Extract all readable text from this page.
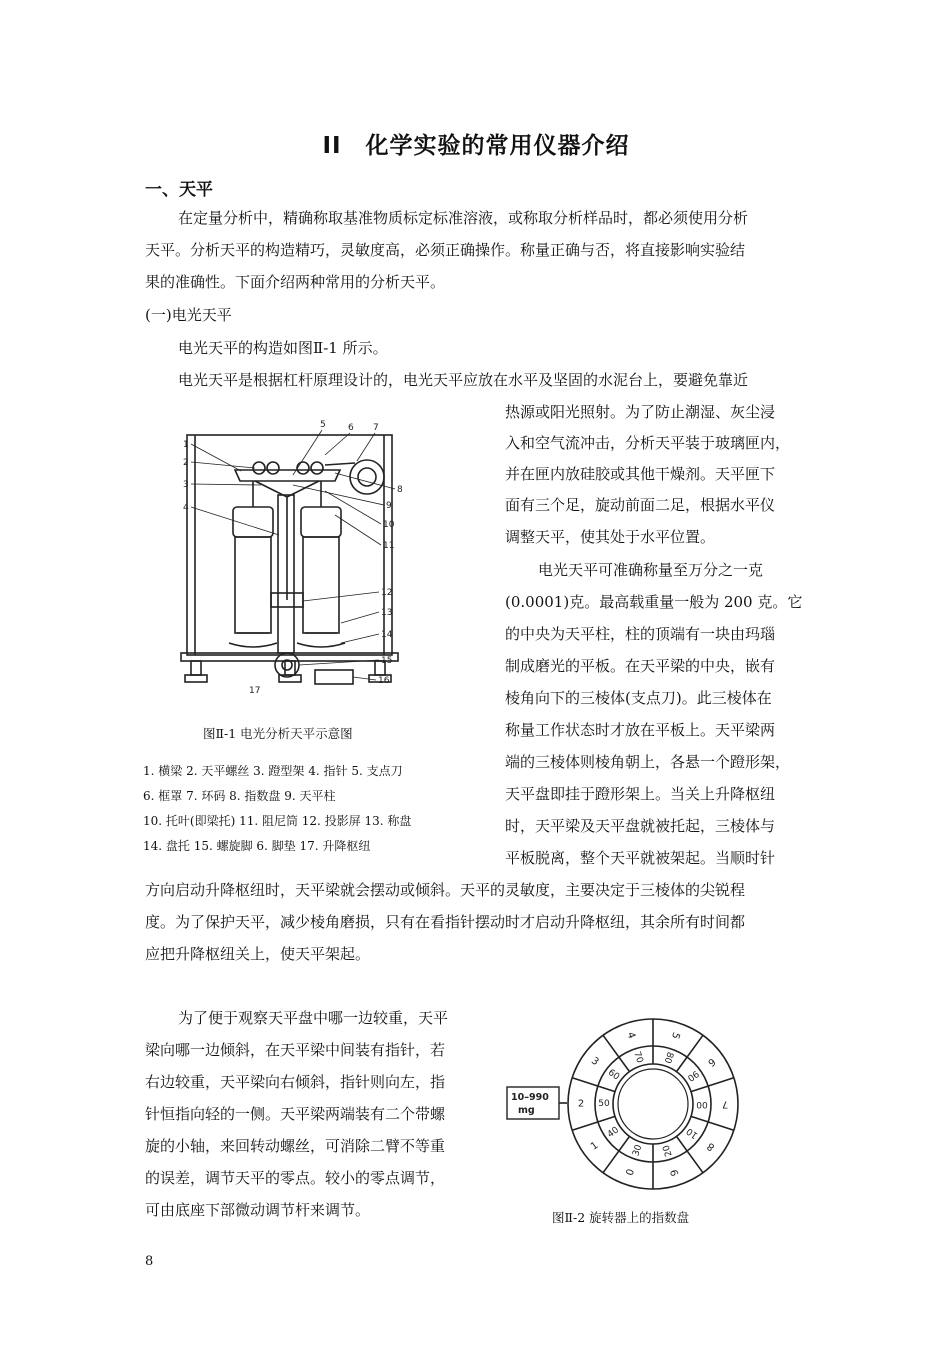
II　化学实验的常用仪器介绍
一、天平
在定量分析中，精确称取基准物质标定标准溶液，或称取分析样品时，都必须使用分析
天平。分析天平的构造精巧，灵敏度高，必须正确操作。称量正确与否，将直接影响实验结
果的准确性。下面介绍两种常用的分析天平。
(一)电光天平
电光天平的构造如图Ⅱ-1 所示。
电光天平是根据杠杆原理设计的，电光天平应放在水平及坚固的水泥台上，要避免靠近
热源或阳光照射。为了防止潮湿、灰尘浸
入和空气流冲击，分析天平装于玻璃匣内，
并在匣内放硅胶或其他干燥剂。天平匣下
面有三个足，旋动前面二足，根据水平仪
调整天平，使其处于水平位置。
电光天平可准确称量至万分之一克
(0.0001)克。最高载重量一般为 200 克。它
的中央为天平柱，柱的顶端有一块由玛瑙
制成磨光的平板。在天平梁的中央，嵌有
棱角向下的三棱体(支点刀)。此三棱体在
称量工作状态时才放在平板上。天平梁两
端的三棱体则棱角朝上，各悬一个蹬形架，
天平盘即挂于蹬形架上。当关上升降枢纽
时，天平梁及天平盘就被托起，三棱体与
平板脱离，整个天平就被架起。当顺时针
1
2
3
4
5 6 7
8
9
10
11
12
13
14
15
16
17
图Ⅱ-1 电光分析天平示意图
1. 横梁 2. 天平螺丝 3. 蹬型架 4. 指针 5. 支点刀
6. 框罩 7. 环码 8. 指数盘 9. 天平柱
10. 托叶(即梁托) 11. 阻尼筒 12. 投影屏 13. 称盘
14. 盘托 15. 螺旋脚 6. 脚垫 17. 升降枢纽
方向启动升降枢纽时，天平梁就会摆动或倾斜。天平的灵敏度，主要决定于三棱体的尖锐程
度。为了保护天平，减少棱角磨损，只有在看指针摆动时才启动升降枢纽，其余所有时间都
应把升降枢纽关上，使天平架起。
为了便于观察天平盘中哪一边较重，天平
梁向哪一边倾斜，在天平梁中间装有指针，若
右边较重，天平梁向右倾斜，指针则向左，指
针恒指向轻的一侧。天平梁两端装有二个带螺
旋的小轴，来回转动螺丝，可消除二臂不等重
的误差，调节天平的零点。较小的零点调节，
可由底座下部微动调节杆来调节。
10–990
mg
0
30
1
40
2 50
3
60
4
70
5
80	6
90
7
00
8
10
9
20
图Ⅱ-2 旋转器上的指数盘
8
